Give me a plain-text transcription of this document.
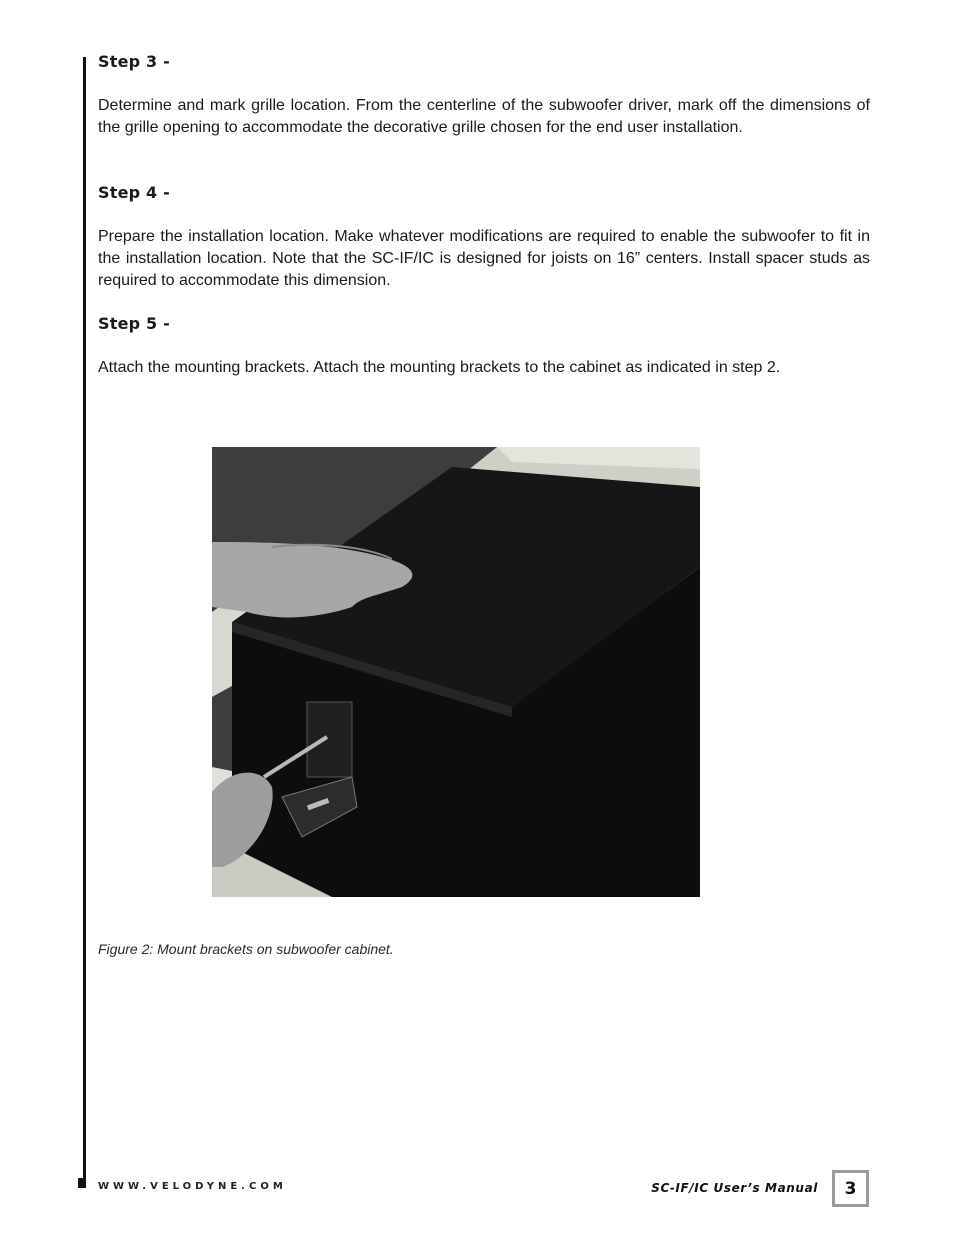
Step 3 -

Determine and mark grille location. From the centerline of the subwoofer driver, mark off the dimensions of the grille opening to accommodate the decorative grille chosen for the end user installation.

Step 4 -

Prepare the installation location. Make whatever modifications are required to enable the subwoofer to fit in the installation location. Note that the SC-IF/IC is designed for joists on 16” centers. Install spacer studs as required to accommodate this dimension.

Step 5 -

Attach the mounting brackets. Attach the mounting brackets to the cabinet as indicated in step 2.

Figure 2: Mount brackets on subwoofer cabinet.
WWW.VELODYNE.COM	SC-IF/IC User’s Manual	3
